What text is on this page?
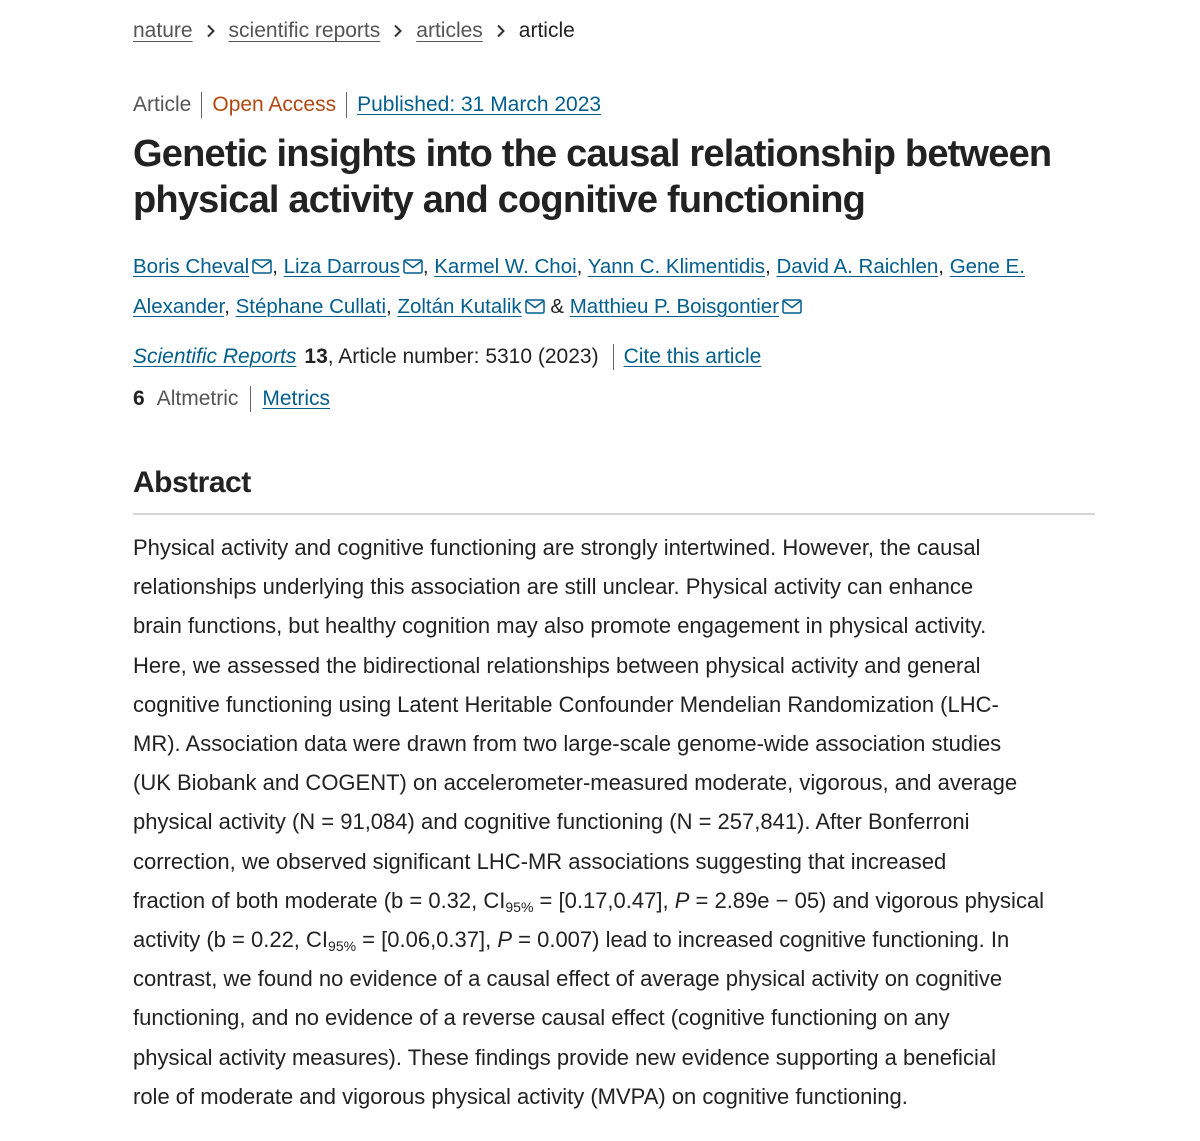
nature scientific reports articles article
Article Open Access Published: 31 March 2023
Genetic insights into the causal relationship between
physical activity and cognitive functioning
Boris Cheval , Liza Darrous , Karmel W. Choi, Yann C. Klimentidis, David A. Raichlen, Gene E.
Alexander, Stéphane Cullati, Zoltán Kutalik & Matthieu P. Boisgontier
Scientific Reports 13 , Article number: 5310 (2023) Cite this article
6 Altmetric Metrics
Abstract

Physical activity and cognitive functioning are strongly intertwined. However, the causal
relationships underlying this association are still unclear. Physical activity can enhance
brain functions, but healthy cognition may also promote engagement in physical activity.
Here, we assessed the bidirectional relationships between physical activity and general
cognitive functioning using Latent Heritable Confounder Mendelian Randomization (LHC-
MR). Association data were drawn from two large-scale genome-wide association studies
(UK Biobank and COGENT) on accelerometer-measured moderate, vigorous, and average
physical activity (N = 91,084) and cognitive functioning (N = 257,841). After Bonferroni
correction, we observed significant LHC-MR associations suggesting that increased
fraction of both moderate (b = 0.32, $CI_{95\%} = [0.17,0.47]$, P = 2.89e − 05) and vigorous physical
activity (b = 0.22, $CI_{95\%} = [0.06,0.37]$, P = 0.007) lead to increased cognitive functioning. In
contrast, we found no evidence of a causal effect of average physical activity on cognitive
functioning, and no evidence of a reverse causal effect (cognitive functioning on any
physical activity measures). These findings provide new evidence supporting a beneficial
role of moderate and vigorous physical activity (MVPA) on cognitive functioning.
